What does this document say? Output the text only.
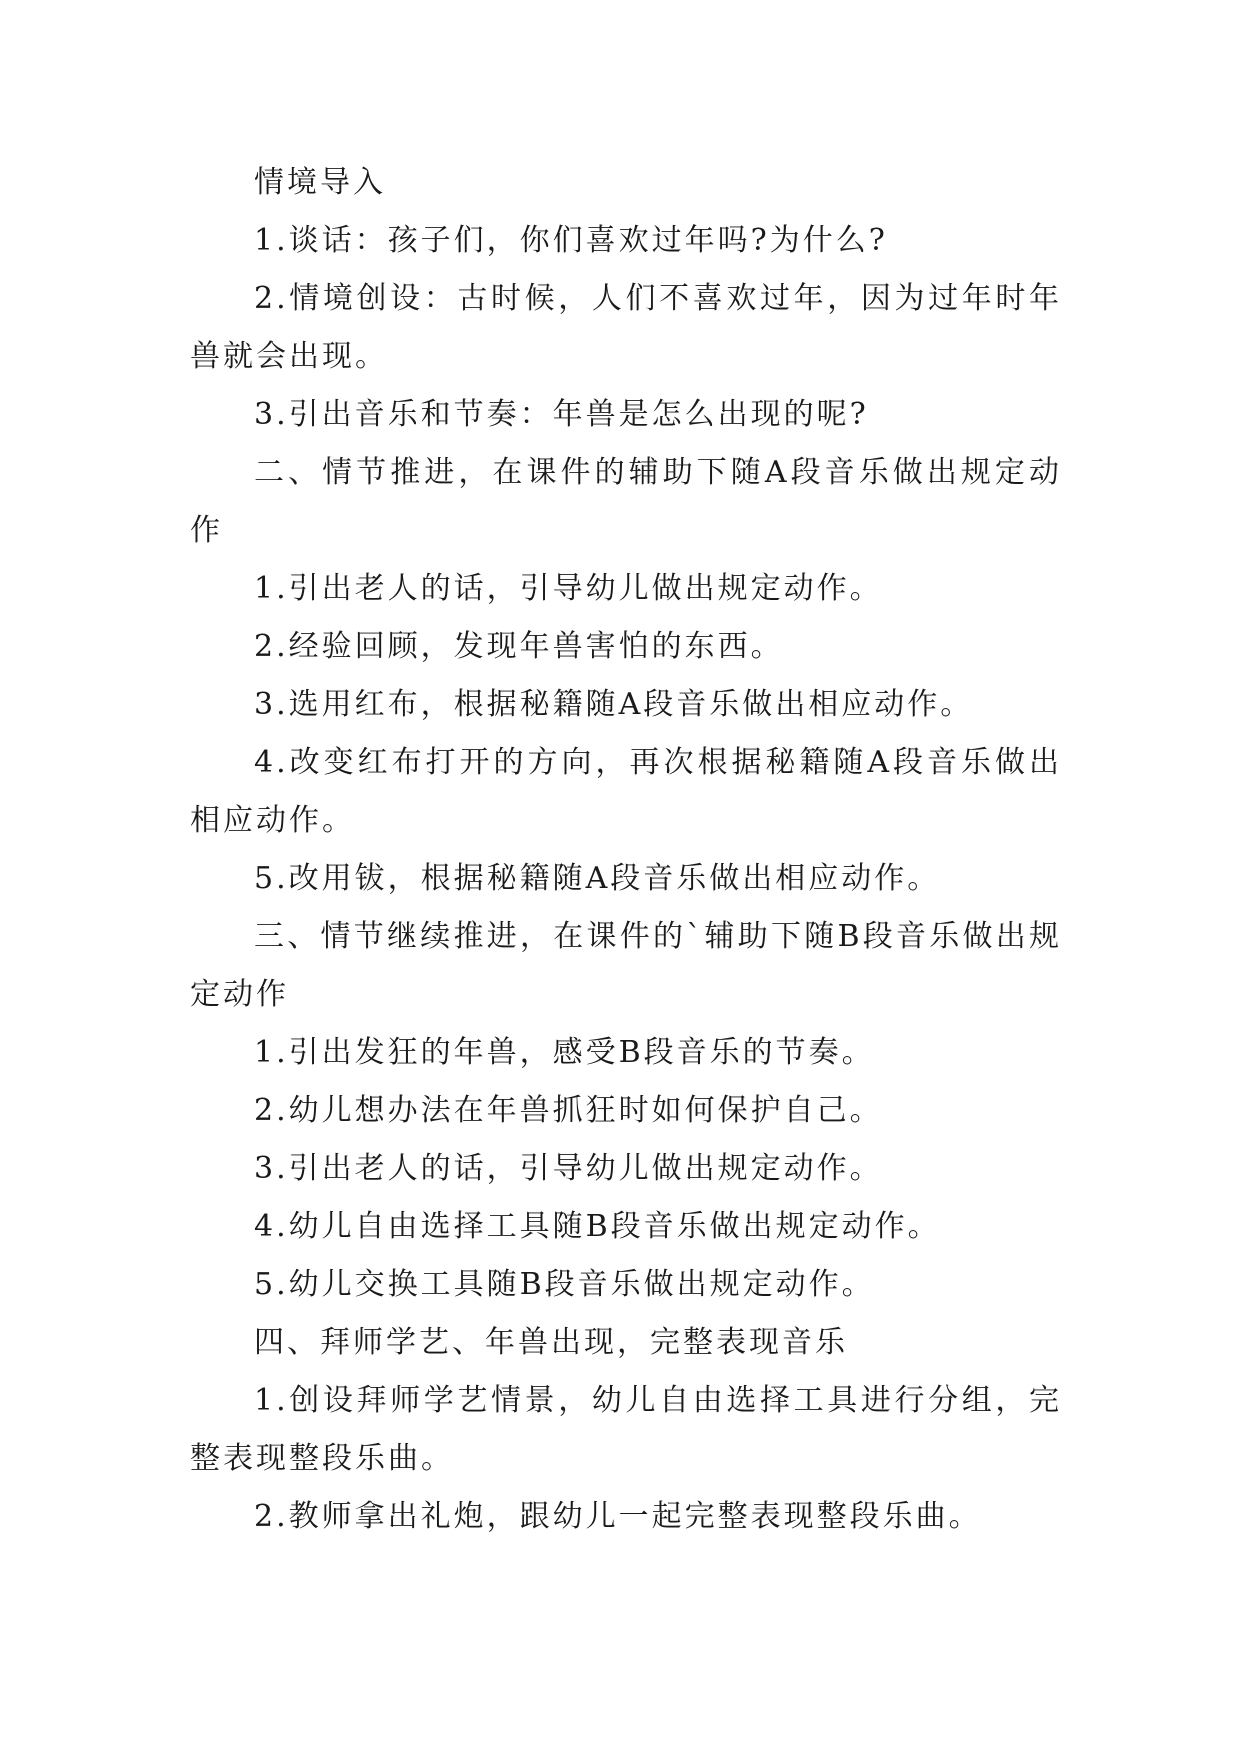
情境导入

1.谈话：孩子们，你们喜欢过年吗?为什么?

2.情境创设：古时候，人们不喜欢过年，因为过年时年兽就会出现。

3.引出音乐和节奏：年兽是怎么出现的呢?

二、情节推进，在课件的辅助下随A段音乐做出规定动作

1.引出老人的话，引导幼儿做出规定动作。

2.经验回顾，发现年兽害怕的东西。

3.选用红布，根据秘籍随A段音乐做出相应动作。

4.改变红布打开的方向，再次根据秘籍随A段音乐做出相应动作。

5.改用钹，根据秘籍随A段音乐做出相应动作。

三、情节继续推进，在课件的`辅助下随B段音乐做出规定动作

1.引出发狂的年兽，感受B段音乐的节奏。

2.幼儿想办法在年兽抓狂时如何保护自己。

3.引出老人的话，引导幼儿做出规定动作。

4.幼儿自由选择工具随B段音乐做出规定动作。

5.幼儿交换工具随B段音乐做出规定动作。

四、拜师学艺、年兽出现，完整表现音乐

1.创设拜师学艺情景，幼儿自由选择工具进行分组，完整表现整段乐曲。

2.教师拿出礼炮，跟幼儿一起完整表现整段乐曲。
